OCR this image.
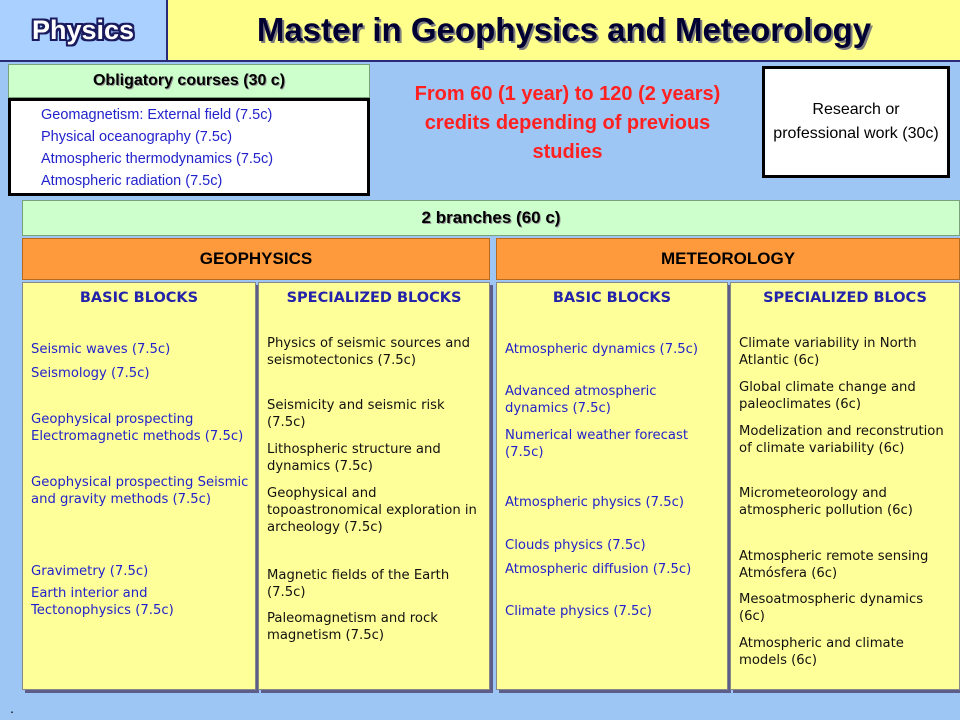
Physics	Master in Geophysics and Meteorology
Obligatory courses (30 c)
Geomagnetism: External field (7.5c)
Physical oceanography (7.5c)
Atmospheric thermodynamics (7.5c)
Atmospheric radiation (7.5c)
From 60 (1 year) to 120 (2 years) credits depending of previous studies
Research or professional work (30c)
2 branches (60 c)
GEOPHYSICS	METEOROLOGY
BASIC BLOCKS
Seismic waves (7.5c)
Seismology (7.5c)
Geophysical prospecting Electromagnetic methods (7.5c)
Geophysical prospecting Seismic and gravity methods (7.5c)
Gravimetry (7.5c)
Earth interior and Tectonophysics (7.5c)
SPECIALIZED BLOCKS
Physics of seismic sources and seismotectonics (7.5c)
Seismicity and seismic risk (7.5c)
Lithospheric structure and dynamics (7.5c)
Geophysical and topoastronomical exploration in archeology (7.5c)
Magnetic fields of the Earth (7.5c)
Paleomagnetism and rock magnetism (7.5c)
BASIC BLOCKS
Atmospheric dynamics (7.5c)
Advanced atmospheric dynamics (7.5c)
Numerical weather forecast (7.5c)
Atmospheric physics (7.5c)
Clouds physics (7.5c)
Atmospheric diffusion (7.5c)
Climate physics (7.5c)
SPECIALIZED BLOCS
Climate variability in North Atlantic (6c)
Global climate change and paleoclimates (6c)
Modelization and reconstrution of climate variability (6c)
Micrometeorology and atmospheric pollution (6c)
Atmospheric remote sensing Atmósfera (6c)
Mesoatmospheric dynamics (6c)
Atmospheric and climate models (6c)
.
